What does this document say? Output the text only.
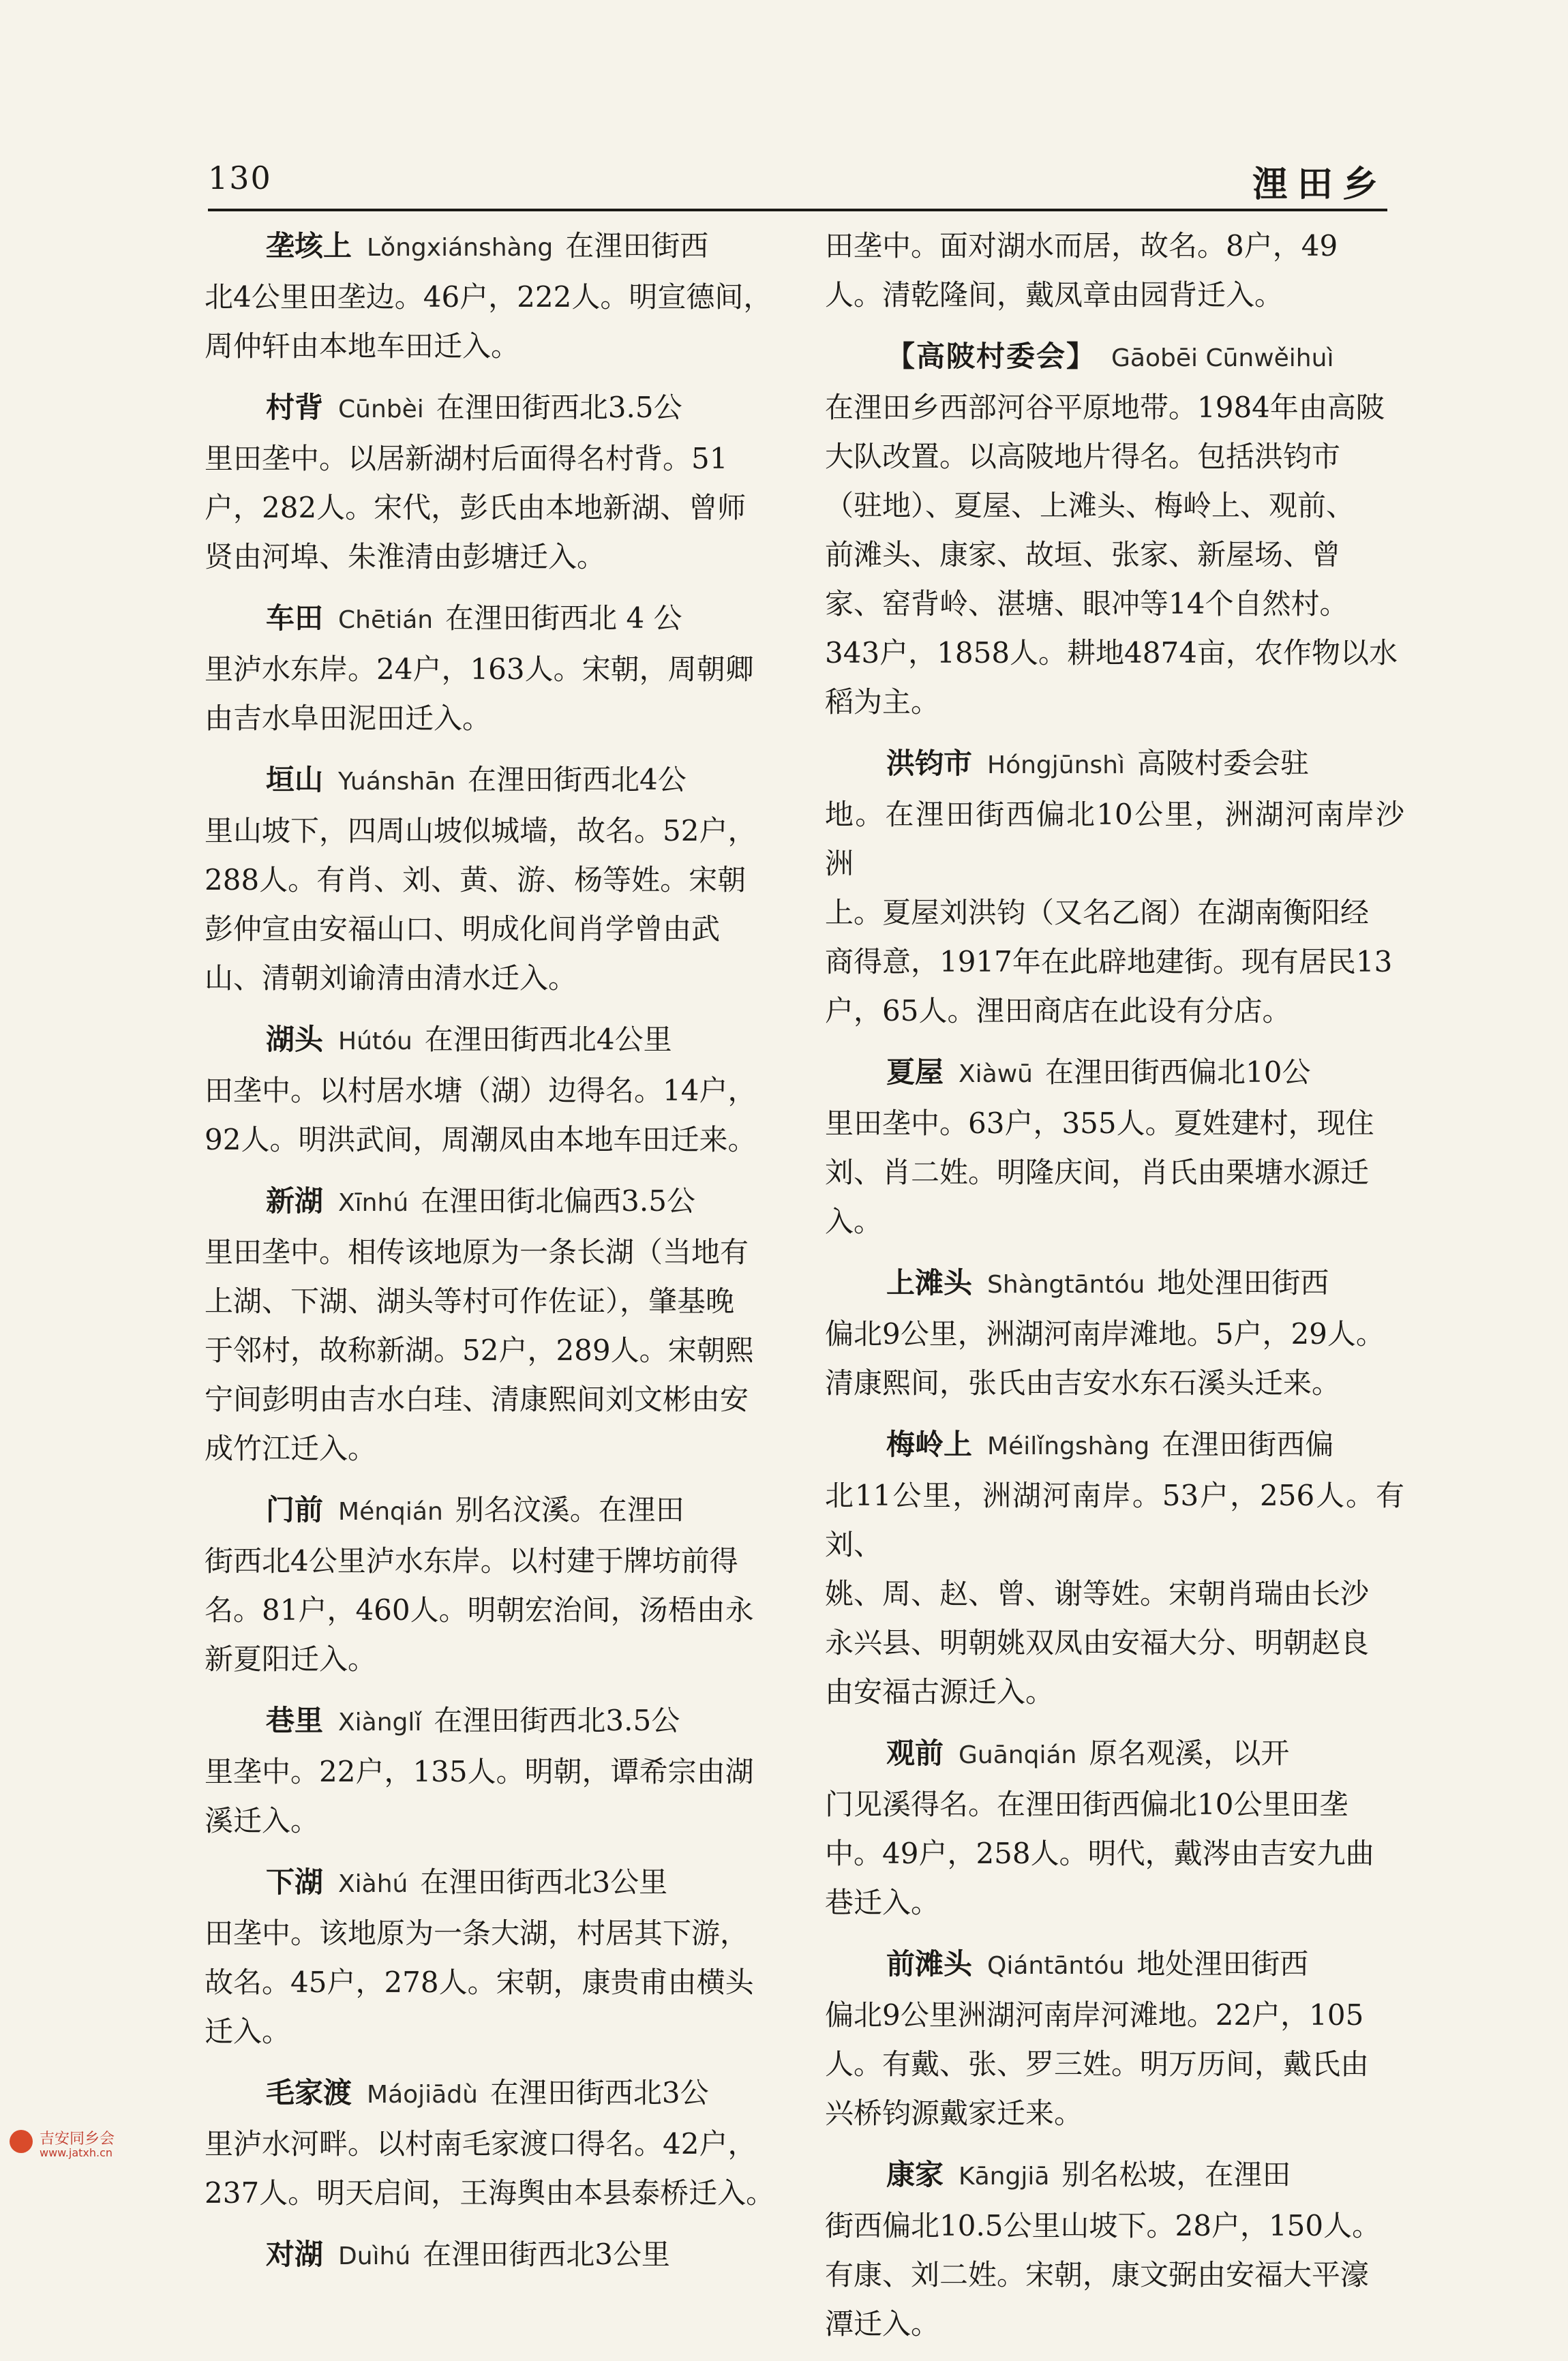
130	浬田乡

垄垓上 Lǒngxiánshàng 在浬田街西

北4公里田垄边。46户，222人。明宣德间，

周仲轩由本地车田迁入。

村背 Cūnbèi 在浬田街西北3.5公

里田垄中。以居新湖村后面得名村背。51

户，282人。宋代，彭氏由本地新湖、曾师

贤由河埠、朱淮清由彭塘迁入。

车田 Chētián 在浬田街西北 4 公

里泸水东岸。24户，163人。宋朝，周朝卿

由吉水阜田泥田迁入。

垣山 Yuánshān 在浬田街西北4公

里山坡下，四周山坡似城墙，故名。52户，

288人。有肖、刘、黄、游、杨等姓。宋朝

彭仲宣由安福山口、明成化间肖学曾由武

山、清朝刘谕清由清水迁入。

湖头 Hútóu 在浬田街西北4公里

田垄中。以村居水塘（湖）边得名。14户，

92人。明洪武间，周潮凤由本地车田迁来。

新湖 Xīnhú 在浬田街北偏西3.5公

里田垄中。相传该地原为一条长湖（当地有

上湖、下湖、湖头等村可作佐证），肇基晚

于邻村，故称新湖。52户，289人。宋朝熙

宁间彭明由吉水白珪、清康熙间刘文彬由安

成竹江迁入。

门前 Ménqián 别名汶溪。在浬田

街西北4公里泸水东岸。以村建于牌坊前得

名。81户，460人。明朝宏治间，汤梧由永

新夏阳迁入。

巷里 Xiànglǐ 在浬田街西北3.5公

里垄中。22户，135人。明朝，谭希宗由湖

溪迁入。

下湖 Xiàhú 在浬田街西北3公里

田垄中。该地原为一条大湖，村居其下游，

故名。45户，278人。宋朝，康贵甫由横头

迁入。

毛家渡 Máojiādù 在浬田街西北3公

里泸水河畔。以村南毛家渡口得名。42户，

237人。明天启间，王海舆由本县泰桥迁入。

对湖 Duìhú 在浬田街西北3公里

田垄中。面对湖水而居，故名。8户，49

人。清乾隆间，戴凤章由园背迁入。

【高陂村委会】 Gāobēi Cūnwěihuì

在浬田乡西部河谷平原地带。1984年由高陂

大队改置。以高陂地片得名。包括洪钧市

（驻地）、夏屋、上滩头、梅岭上、观前、

前滩头、康家、故垣、张家、新屋场、曾

家、窑背岭、湛塘、眼冲等14个自然村。

343户，1858人。耕地4874亩，农作物以水

稻为主。

洪钧市 Hóngjūnshì 高陂村委会驻

地。在浬田街西偏北10公里，洲湖河南岸沙洲

上。夏屋刘洪钧（又名乙阁）在湖南衡阳经

商得意，1917年在此辟地建街。现有居民13

户，65人。浬田商店在此设有分店。

夏屋 Xiàwū 在浬田街西偏北10公

里田垄中。63户，355人。夏姓建村，现住

刘、肖二姓。明隆庆间，肖氏由栗塘水源迁

入。

上滩头 Shàngtāntóu 地处浬田街西

偏北9公里，洲湖河南岸滩地。5户，29人。

清康熙间，张氏由吉安水东石溪头迁来。

梅岭上 Méilǐngshàng 在浬田街西偏

北11公里，洲湖河南岸。53户，256人。有刘、

姚、周、赵、曾、谢等姓。宋朝肖瑞由长沙

永兴县、明朝姚双凤由安福大分、明朝赵良

由安福古源迁入。

观前 Guānqián 原名观溪，以开

门见溪得名。在浬田街西偏北10公里田垄

中。49户，258人。明代，戴涔由吉安九曲

巷迁入。

前滩头 Qiántāntóu 地处浬田街西

偏北9公里洲湖河南岸河滩地。22户，105

人。有戴、张、罗三姓。明万历间，戴氏由

兴桥钧源戴家迁来。

康家 Kāngjiā 别名松坡，在浬田

街西偏北10.5公里山坡下。28户，150人。

有康、刘二姓。宋朝，康文弼由安福大平濠

潭迁入。

吉安同乡会
www.jatxh.cn
